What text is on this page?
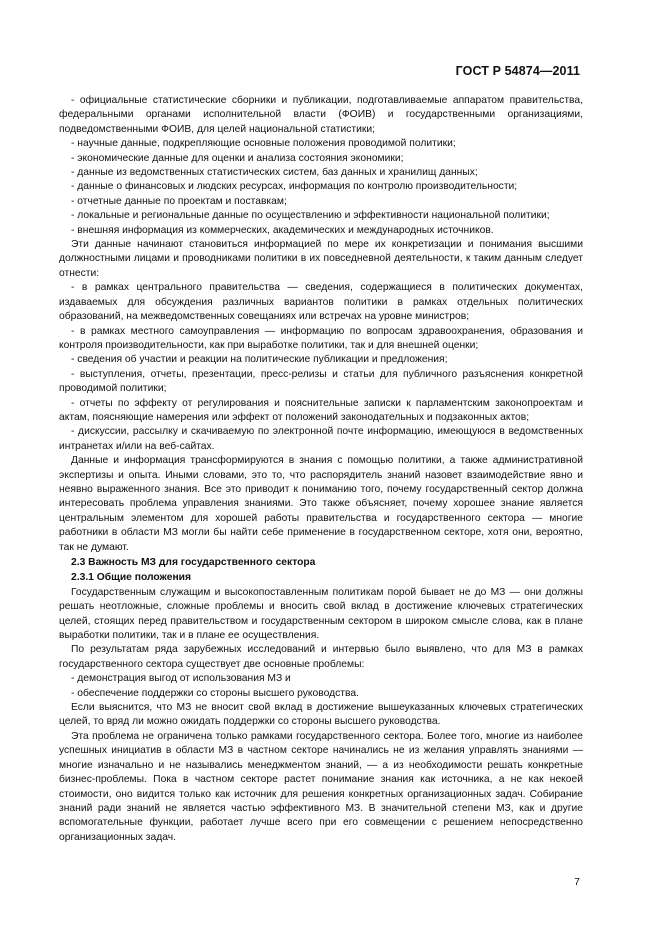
ГОСТ Р 54874—2011

- официальные статистические сборники и публикации, подготавливаемые аппаратом правительства, федеральными органами исполнительной власти (ФОИВ) и государственными организациями, подведомственными ФОИВ, для целей национальной статистики;

- научные данные, подкрепляющие основные положения проводимой политики;

- экономические данные для оценки и анализа состояния экономики;

- данные из ведомственных статистических систем, баз данных и хранилищ данных;

- данные о финансовых и людских ресурсах, информация по контролю производительности;

- отчетные данные по проектам и поставкам;

- локальные и региональные данные по осуществлению и эффективности национальной политики;

- внешняя информация из коммерческих, академических и международных источников.

Эти данные начинают становиться информацией по мере их конкретизации и понимания высшими должностными лицами и проводниками политики в их повседневной деятельности, к таким данным следует отнести:

- в рамках центрального правительства — сведения, содержащиеся в политических документах, издаваемых для обсуждения различных вариантов политики в рамках отдельных политических образований, на межведомственных совещаниях или встречах на уровне министров;

- в рамках местного самоуправления — информацию по вопросам здравоохранения, образования и контроля производительности, как при выработке политики, так и для внешней оценки;

- сведения об участии и реакции на политические публикации и предложения;

- выступления, отчеты, презентации, пресс-релизы и статьи для публичного разъяснения конкретной проводимой политики;

- отчеты по эффекту от регулирования и пояснительные записки к парламентским законопроектам и актам, поясняющие намерения или эффект от положений законодательных и подзаконных актов;

- дискуссии, рассылку и скачиваемую по электронной почте информацию, имеющуюся в ведомственных интранетах и/или на веб-сайтах.

Данные и информация трансформируются в знания с помощью политики, а также административной экспертизы и опыта. Иными словами, это то, что распорядитель знаний назовет взаимодействие явно и неявно выраженного знания. Все это приводит к пониманию того, почему государственный сектор должна интересовать проблема управления знаниями. Это также объясняет, почему хорошее знание является центральным элементом для хорошей работы правительства и государственного сектора — многие работники в области МЗ могли бы найти себе применение в государственном секторе, хотя они, вероятно, так не думают.

2.3 Важность МЗ для государственного сектора
2.3.1 Общие положения

Государственным служащим и высокопоставленным политикам порой бывает не до МЗ — они должны решать неотложные, сложные проблемы и вносить свой вклад в достижение ключевых стратегических целей, стоящих перед правительством и государственным сектором в широком смысле слова, как в плане выработки политики, так и в плане ее осуществления.

По результатам ряда зарубежных исследований и интервью было выявлено, что для МЗ в рамках государственного сектора существует две основные проблемы:

- демонстрация выгод от использования МЗ и

- обеспечение поддержки со стороны высшего руководства.

Если выяснится, что МЗ не вносит свой вклад в достижение вышеуказанных ключевых стратегических целей, то вряд ли можно ожидать поддержки со стороны высшего руководства.

Эта проблема не ограничена только рамками государственного сектора. Более того, многие из наиболее успешных инициатив в области МЗ в частном секторе начинались не из желания управлять знаниями — многие изначально и не назывались менеджментом знаний, — а из необходимости решать конкретные бизнес-проблемы. Пока в частном секторе растет понимание знания как источника, а не как некоей стоимости, оно видится только как источник для решения конкретных организационных задач. Собирание знаний ради знаний не является частью эффективного МЗ. В значительной степени МЗ, как и другие вспомогательные функции, работает лучше всего при его совмещении с решением непосредственно организационных задач.

7
